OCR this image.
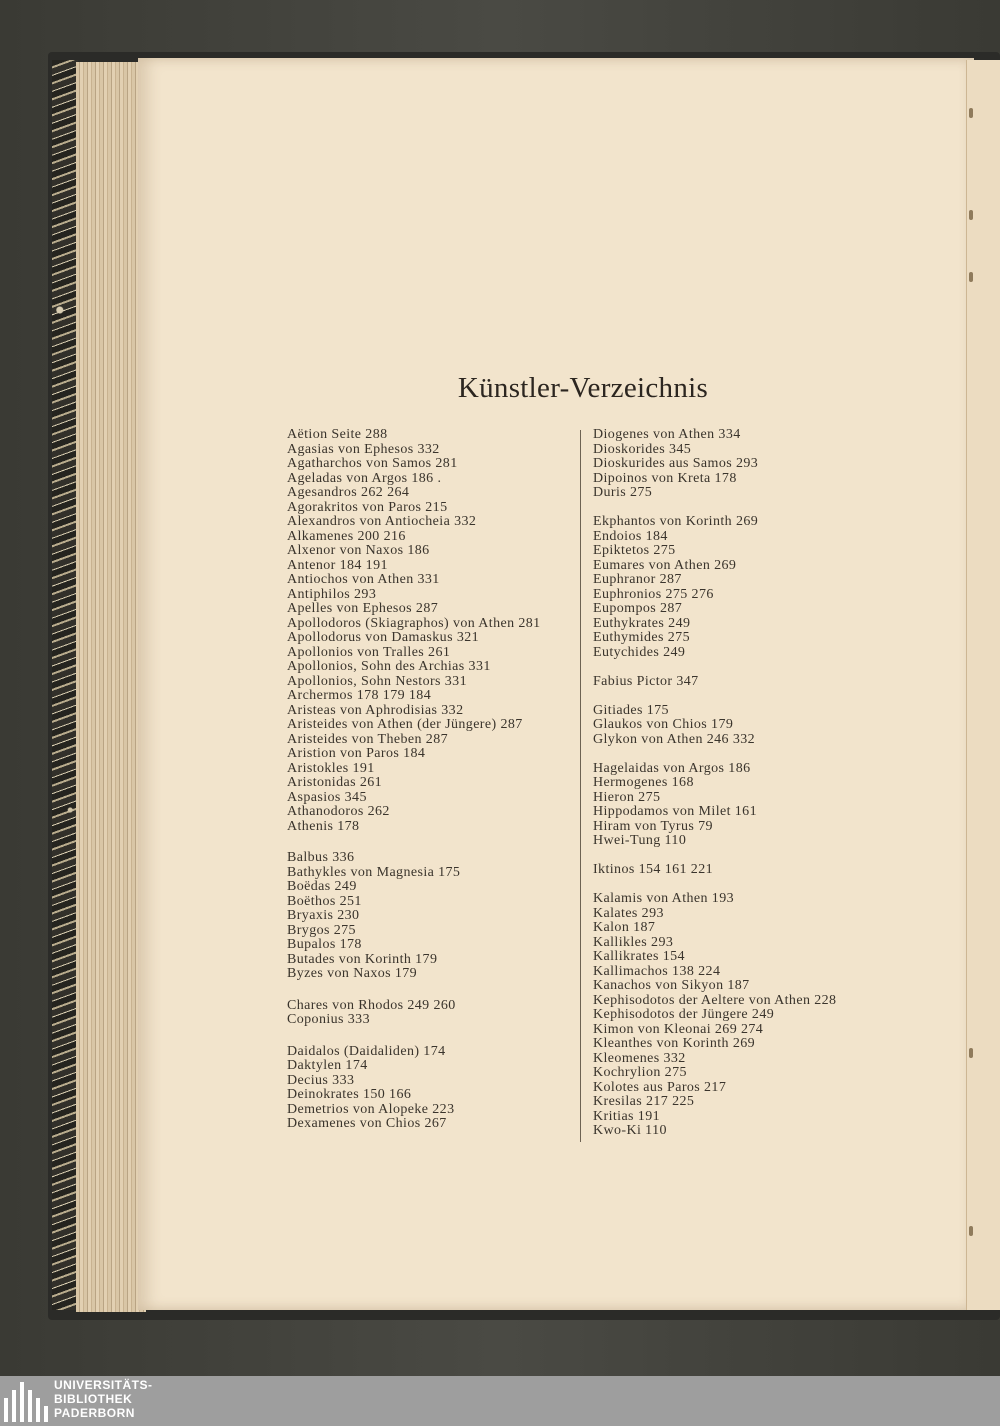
Künstler-Verzeichnis
Aëtion Seite 288
Agasias von Ephesos 332
Agatharchos von Samos 281
Ageladas von Argos 186 .
Agesandros 262 264
Agorakritos von Paros 215
Alexandros von Antiocheia 332
Alkamenes 200 216
Alxenor von Naxos 186
Antenor 184 191
Antiochos von Athen 331
Antiphilos 293
Apelles von Ephesos 287
Apollodoros (Skiagraphos) von Athen 281
Apollodorus von Damaskus 321
Apollonios von Tralles 261
Apollonios, Sohn des Archias 331
Apollonios, Sohn Nestors 331
Archermos 178 179 184
Aristeas von Aphrodisias 332
Aristeides von Athen (der Jüngere) 287
Aristeides von Theben 287
Aristion von Paros 184
Aristokles 191
Aristonidas 261
Aspasios 345
Athanodoros 262
Athenis 178
Balbus 336
Bathykles von Magnesia 175
Boëdas 249
Boëthos 251
Bryaxis 230
Brygos 275
Bupalos 178
Butades von Korinth 179
Byzes von Naxos 179
Chares von Rhodos 249 260
Coponius 333
Daidalos (Daidaliden) 174
Daktylen 174
Decius 333
Deinokrates 150 166
Demetrios von Alopeke 223
Dexamenes von Chios 267
Diogenes von Athen 334
Dioskorides 345
Dioskurides aus Samos 293
Dipoinos von Kreta 178
Duris 275
Ekphantos von Korinth 269
Endoios 184
Epiktetos 275
Eumares von Athen 269
Euphranor 287
Euphronios 275 276
Eupompos 287
Euthykrates 249
Euthymides 275
Eutychides 249
Fabius Pictor 347
Gitiades 175
Glaukos von Chios 179
Glykon von Athen 246 332
Hagelaidas von Argos 186
Hermogenes 168
Hieron 275
Hippodamos von Milet 161
Hiram von Tyrus 79
Hwei-Tung 110
Iktinos 154 161 221
Kalamis von Athen 193
Kalates 293
Kalon 187
Kallikles 293
Kallikrates 154
Kallimachos 138 224
Kanachos von Sikyon 187
Kephisodotos der Aeltere von Athen 228
Kephisodotos der Jüngere 249
Kimon von Kleonai 269 274
Kleanthes von Korinth 269
Kleomenes 332
Kochrylion 275
Kolotes aus Paros 217
Kresilas 217 225
Kritias 191
Kwo-Ki 110
UNIVERSITÄTS-
BIBLIOTHEK
PADERBORN
